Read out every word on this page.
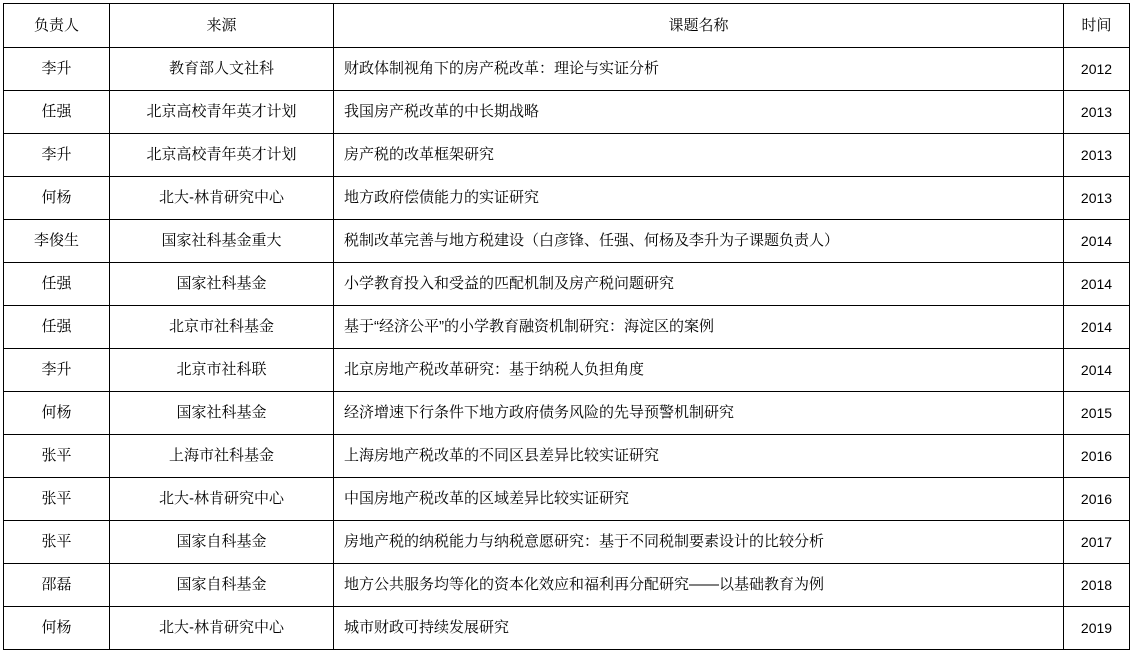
负责人	来源	课题名称	时间
李升	教育部人文社科	财政体制视角下的房产税改革：理论与实证分析	2012
任强	北京高校青年英才计划	我国房产税改革的中长期战略	2013
李升	北京高校青年英才计划	房产税的改革框架研究	2013
何杨	北大-林肯研究中心	地方政府偿债能力的实证研究	2013
李俊生	国家社科基金重大	税制改革完善与地方税建设（白彦锋、任强、何杨及李升为子课题负责人）	2014
任强	国家社科基金	小学教育投入和受益的匹配机制及房产税问题研究	2014
任强	北京市社科基金	基于“经济公平”的小学教育融资机制研究：海淀区的案例	2014
李升	北京市社科联	北京房地产税改革研究：基于纳税人负担角度	2014
何杨	国家社科基金	经济增速下行条件下地方政府债务风险的先导预警机制研究	2015
张平	上海市社科基金	上海房地产税改革的不同区县差异比较实证研究	2016
张平	北大-林肯研究中心	中国房地产税改革的区域差异比较实证研究	2016
张平	国家自科基金	房地产税的纳税能力与纳税意愿研究：基于不同税制要素设计的比较分析	2017
邵磊	国家自科基金	地方公共服务均等化的资本化效应和福利再分配研究——以基础教育为例	2018
何杨	北大-林肯研究中心	城市财政可持续发展研究	2019
